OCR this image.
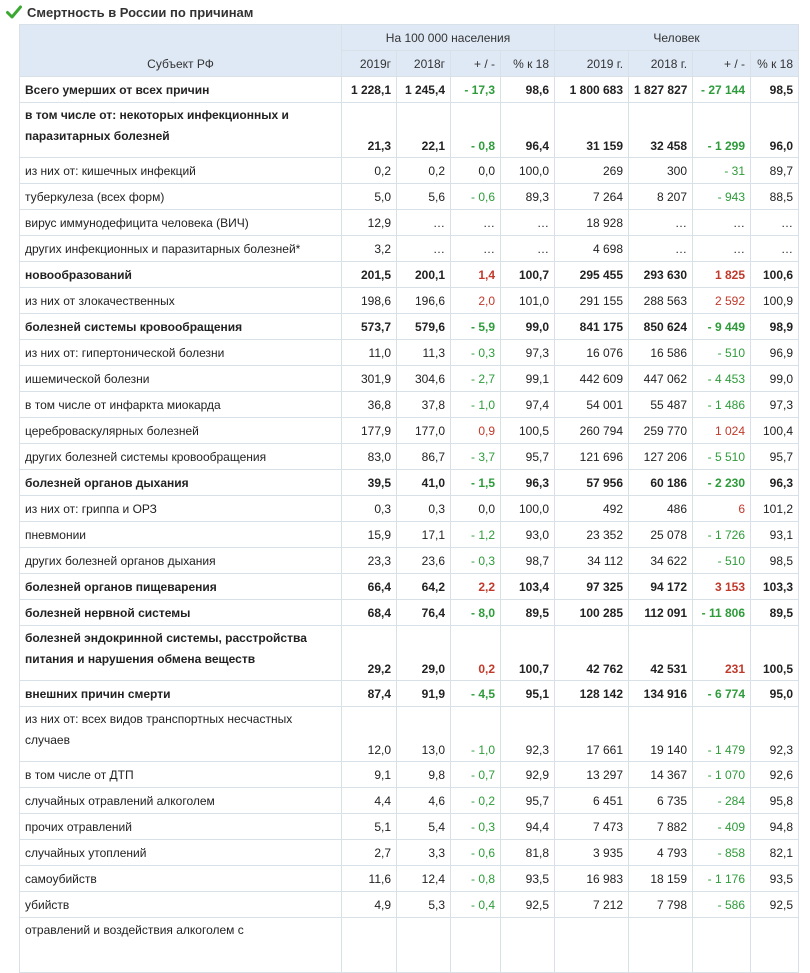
Смертность в России по причинам
Субъект РФ	На 100 000 населения				Человек			
	2019г	2018г	+ / -	% к 18	2019 г.	2018 г.	+ / -	% к 18
Всего умерших от всех причин	1 228,1	1 245,4	- 17,3	98,6	1 800 683	1 827 827	- 27 144	98,5
в том числе от: некоторых инфекционных и паразитарных болезней	21,3	22,1	- 0,8	96,4	31 159	32 458	- 1 299	96,0
из них от: кишечных инфекций	0,2	0,2	0,0	100,0	269	300	- 31	89,7
туберкулеза (всех форм)	5,0	5,6	- 0,6	89,3	7 264	8 207	- 943	88,5
вирус иммунодефицита человека (ВИЧ)	12,9	…	…	…	18 928	…	…	…
других инфекционных и паразитарных болезней*	3,2	…	…	…	4 698	…	…	…
новообразований	201,5	200,1	1,4	100,7	295 455	293 630	1 825	100,6
из них от злокачественных	198,6	196,6	2,0	101,0	291 155	288 563	2 592	100,9
болезней системы кровообращения	573,7	579,6	- 5,9	99,0	841 175	850 624	- 9 449	98,9
из них от: гипертонической болезни	11,0	11,3	- 0,3	97,3	16 076	16 586	- 510	96,9
ишемической болезни	301,9	304,6	- 2,7	99,1	442 609	447 062	- 4 453	99,0
в том числе от инфаркта миокарда	36,8	37,8	- 1,0	97,4	54 001	55 487	- 1 486	97,3
цереброваскулярных болезней	177,9	177,0	0,9	100,5	260 794	259 770	1 024	100,4
других болезней системы кровообращения	83,0	86,7	- 3,7	95,7	121 696	127 206	- 5 510	95,7
болезней органов дыхания	39,5	41,0	- 1,5	96,3	57 956	60 186	- 2 230	96,3
из них от: гриппа и ОРЗ	0,3	0,3	0,0	100,0	492	486	6	101,2
пневмонии	15,9	17,1	- 1,2	93,0	23 352	25 078	- 1 726	93,1
других болезней органов дыхания	23,3	23,6	- 0,3	98,7	34 112	34 622	- 510	98,5
болезней органов пищеварения	66,4	64,2	2,2	103,4	97 325	94 172	3 153	103,3
болезней нервной системы	68,4	76,4	- 8,0	89,5	100 285	112 091	- 11 806	89,5
болезней эндокринной системы, расстройства питания и нарушения обмена веществ	29,2	29,0	0,2	100,7	42 762	42 531	231	100,5
внешних причин смерти	87,4	91,9	- 4,5	95,1	128 142	134 916	- 6 774	95,0
из них от: всех видов транспортных несчастных случаев	12,0	13,0	- 1,0	92,3	17 661	19 140	- 1 479	92,3
в том числе от ДТП	9,1	9,8	- 0,7	92,9	13 297	14 367	- 1 070	92,6
случайных отравлений алкоголем	4,4	4,6	- 0,2	95,7	6 451	6 735	- 284	95,8
прочих отравлений	5,1	5,4	- 0,3	94,4	7 473	7 882	- 409	94,8
случайных утоплений	2,7	3,3	- 0,6	81,8	3 935	4 793	- 858	82,1
самоубийств	11,6	12,4	- 0,8	93,5	16 983	18 159	- 1 176	93,5
убийств	4,9	5,3	- 0,4	92,5	7 212	7 798	- 586	92,5
отравлений и воздействия алкоголем с								
